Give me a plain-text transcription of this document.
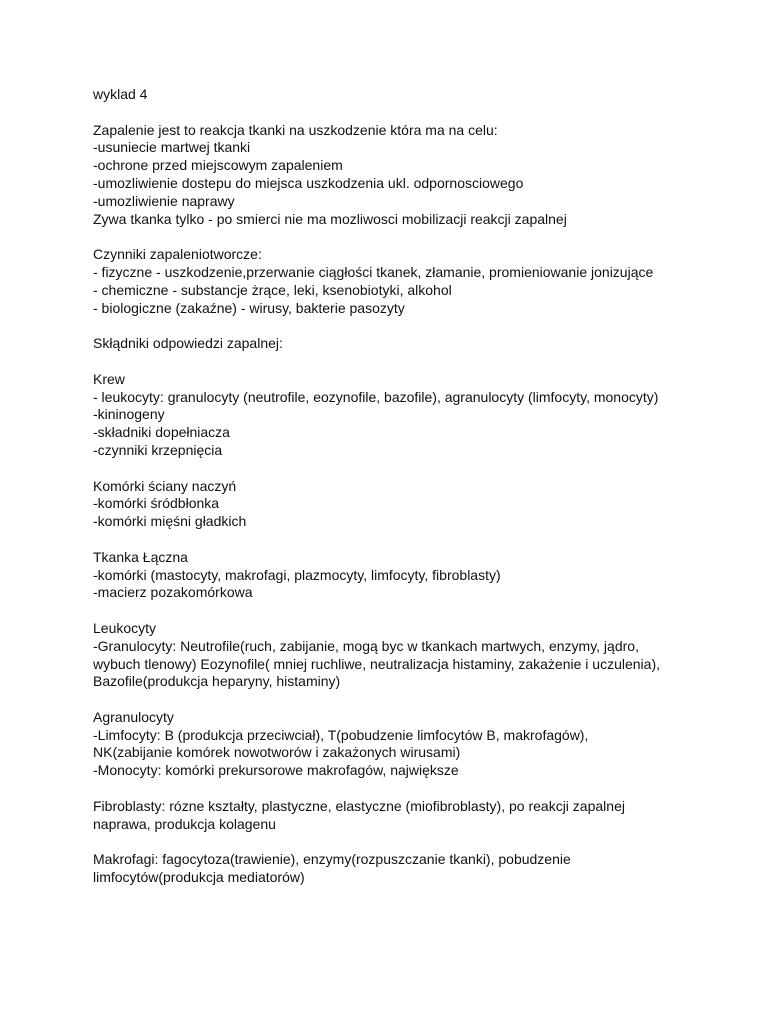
wyklad 4
Zapalenie jest to reakcja tkanki na uszkodzenie która ma na celu:
-usuniecie martwej tkanki
-ochrone przed miejscowym zapaleniem
-umozliwienie dostepu do miejsca uszkodzenia ukl. odpornosciowego
-umozliwienie naprawy
Zywa tkanka tylko - po smierci nie ma mozliwosci mobilizacji reakcji zapalnej
Czynniki zapaleniotworcze:
- fizyczne - uszkodzenie,przerwanie ciągłości tkanek, złamanie, promieniowanie jonizujące
- chemiczne - substancje żrące, leki, ksenobiotyki, alkohol
- biologiczne (zakaźne) - wirusy, bakterie pasozyty
Skłądniki odpowiedzi zapalnej:
Krew
- leukocyty: granulocyty (neutrofile, eozynofile, bazofile), agranulocyty (limfocyty, monocyty)
-kininogeny
-składniki dopełniacza
-czynniki krzepnięcia
Komórki ściany naczyń
-komórki śródbłonka
-komórki mięśni gładkich
Tkanka Łączna
-komórki (mastocyty, makrofagi, plazmocyty, limfocyty, fibroblasty)
-macierz pozakomórkowa
Leukocyty
-Granulocyty: Neutrofile(ruch, zabijanie, mogą byc w tkankach martwych, enzymy, jądro,
wybuch tlenowy) Eozynofile( mniej ruchliwe, neutralizacja histaminy, zakażenie i uczulenia),
Bazofile(produkcja heparyny, histaminy)
Agranulocyty
-Limfocyty: B (produkcja przeciwciał), T(pobudzenie limfocytów B, makrofagów),
NK(zabijanie komórek nowotworów i zakażonych wirusami)
-Monocyty: komórki prekursorowe makrofagów, największe
Fibroblasty: rózne kształty, plastyczne, elastyczne (miofibroblasty), po reakcji zapalnej
naprawa, produkcja kolagenu
Makrofagi: fagocytoza(trawienie), enzymy(rozpuszczanie tkanki), pobudzenie
limfocytów(produkcja mediatorów)
